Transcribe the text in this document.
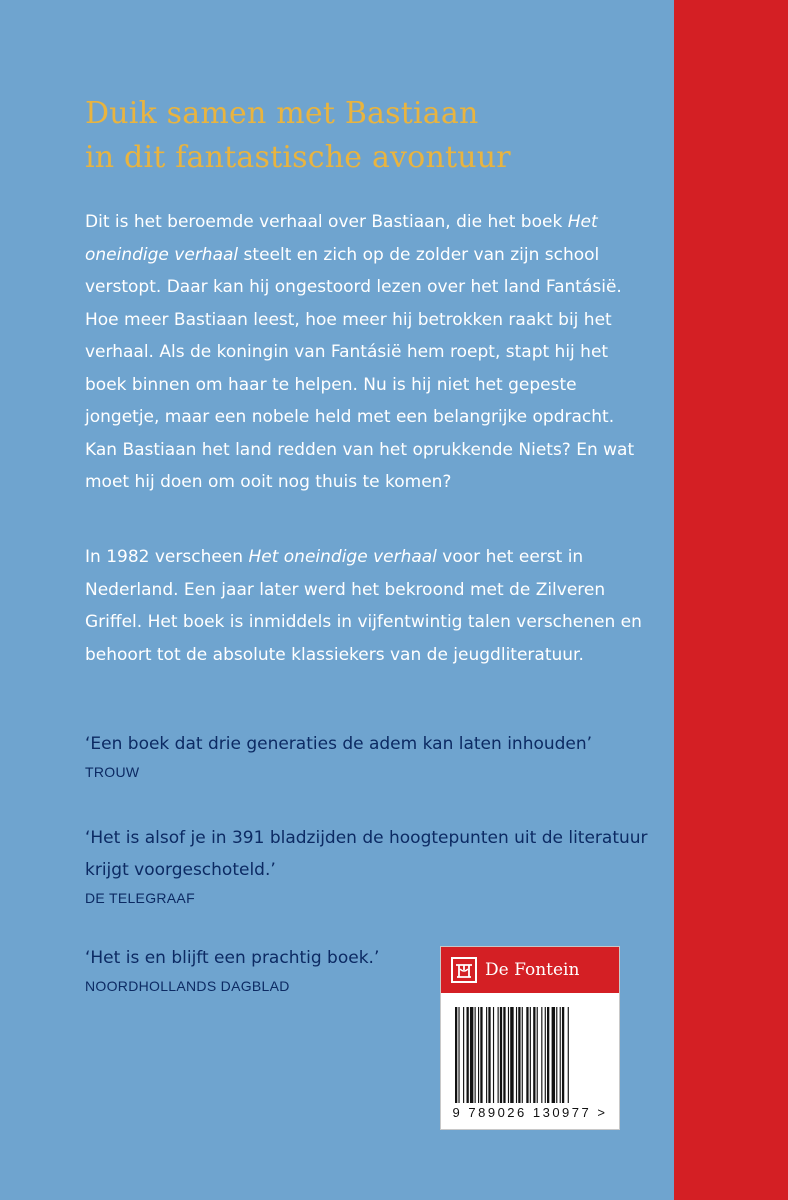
Duik samen met Bastiaan
in dit fantastische avontuur
Dit is het beroemde verhaal over Bastiaan, die het boek Het oneindige verhaal steelt en zich op de zolder van zijn school verstopt. Daar kan hij ongestoord lezen over het land Fantásië. Hoe meer Bastiaan leest, hoe meer hij betrokken raakt bij het verhaal. Als de koningin van Fantásië hem roept, stapt hij het boek binnen om haar te helpen. Nu is hij niet het gepeste jongetje, maar een nobele held met een belangrijke opdracht. Kan Bastiaan het land redden van het oprukkende Niets? En wat moet hij doen om ooit nog thuis te komen?
In 1982 verscheen Het oneindige verhaal voor het eerst in Nederland. Een jaar later werd het bekroond met de Zilveren Griffel. Het boek is inmiddels in vijfentwintig talen verschenen en behoort tot de absolute klassiekers van de jeugdliteratuur.
‘Een boek dat drie generaties de adem kan laten inhouden’
TROUW
‘Het is alsof je in 391 bladzijden de hoogtepunten uit de literatuur krijgt voorgeschoteld.’
DE TELEGRAAF
‘Het is en blijft een prachtig boek.’
NOORDHOLLANDS DAGBLAD
De Fontein
9 789026 130977 >
